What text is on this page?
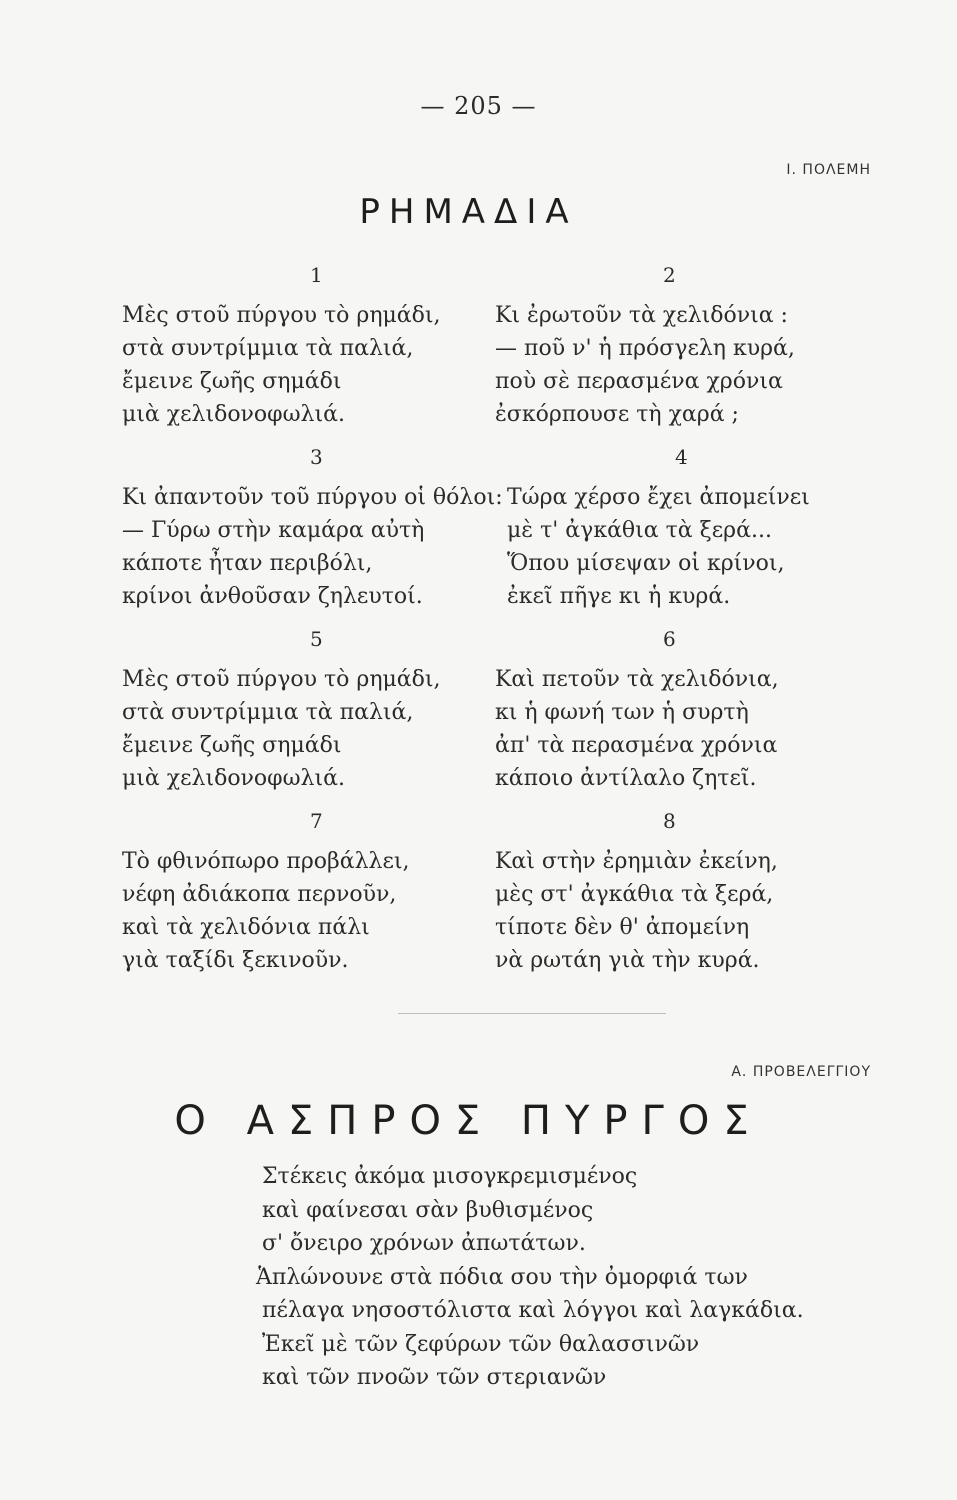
— 205 —
Ι. ΠΟΛΕΜΗ
ΡΗΜΑΔΙΑ
1
Μὲς στοῦ πύργου τὸ ρημάδι,
στὰ συντρίμμια τὰ παλιά,
ἔμεινε ζωῆς σημάδι
μιὰ χελιδονοφωλιά.
2
Κι ἐρωτοῦν τὰ χελιδόνια :
— ποῦ ν' ἡ πρόσγελη κυρά,
ποὺ σὲ περασμένα χρόνια
ἐσκόρπουσε τὴ χαρά ;
3
Κι ἀπαντοῦν τοῦ πύργου οἱ θόλοι:
— Γύρω στὴν καμάρα αὐτὴ
κάποτε ἦταν περιβόλι,
κρίνοι ἀνθοῦσαν ζηλευτοί.
4
Τώρα χέρσο ἔχει ἀπομείνει
μὲ τ' ἀγκάθια τὰ ξερά...
Ὅπου μίσεψαν οἱ κρίνοι,
ἐκεῖ πῆγε κι ἡ κυρά.
5
Μὲς στοῦ πύργου τὸ ρημάδι,
στὰ συντρίμμια τὰ παλιά,
ἔμεινε ζωῆς σημάδι
μιὰ χελιδονοφωλιά.
6
Καὶ πετοῦν τὰ χελιδόνια,
κι ἡ φωνή των ἡ συρτὴ
ἀπ' τὰ περασμένα χρόνια
κάποιο ἀντίλαλο ζητεῖ.
7
Τὸ φθινόπωρο προβάλλει,
νέφη ἀδιάκοπα περνοῦν,
καὶ τὰ χελιδόνια πάλι
γιὰ ταξίδι ξεκινοῦν.
8
Καὶ στὴν ἐρημιὰν ἐκείνη,
μὲς στ' ἀγκάθια τὰ ξερά,
τίποτε δὲν θ' ἀπομείνη
νὰ ρωτάη γιὰ τὴν κυρά.
Α. ΠΡΟΒΕΛΕΓΓΙΟΥ
Ο ΑΣΠΡΟΣ ΠΥΡΓΟΣ
Στέκεις ἀκόμα μισογκρεμισμένος
καὶ φαίνεσαι σὰν βυθισμένος
σ' ὄνειρο χρόνων ἀπωτάτων.
Ἁπλώνουνε στὰ πόδια σου τὴν ὀμορφιά των
πέλαγα νησοστόλιστα καὶ λόγγοι καὶ λαγκάδια.
Ἐκεῖ μὲ τῶν ζεφύρων τῶν θαλασσινῶν
καὶ τῶν πνοῶν τῶν στεριανῶν
